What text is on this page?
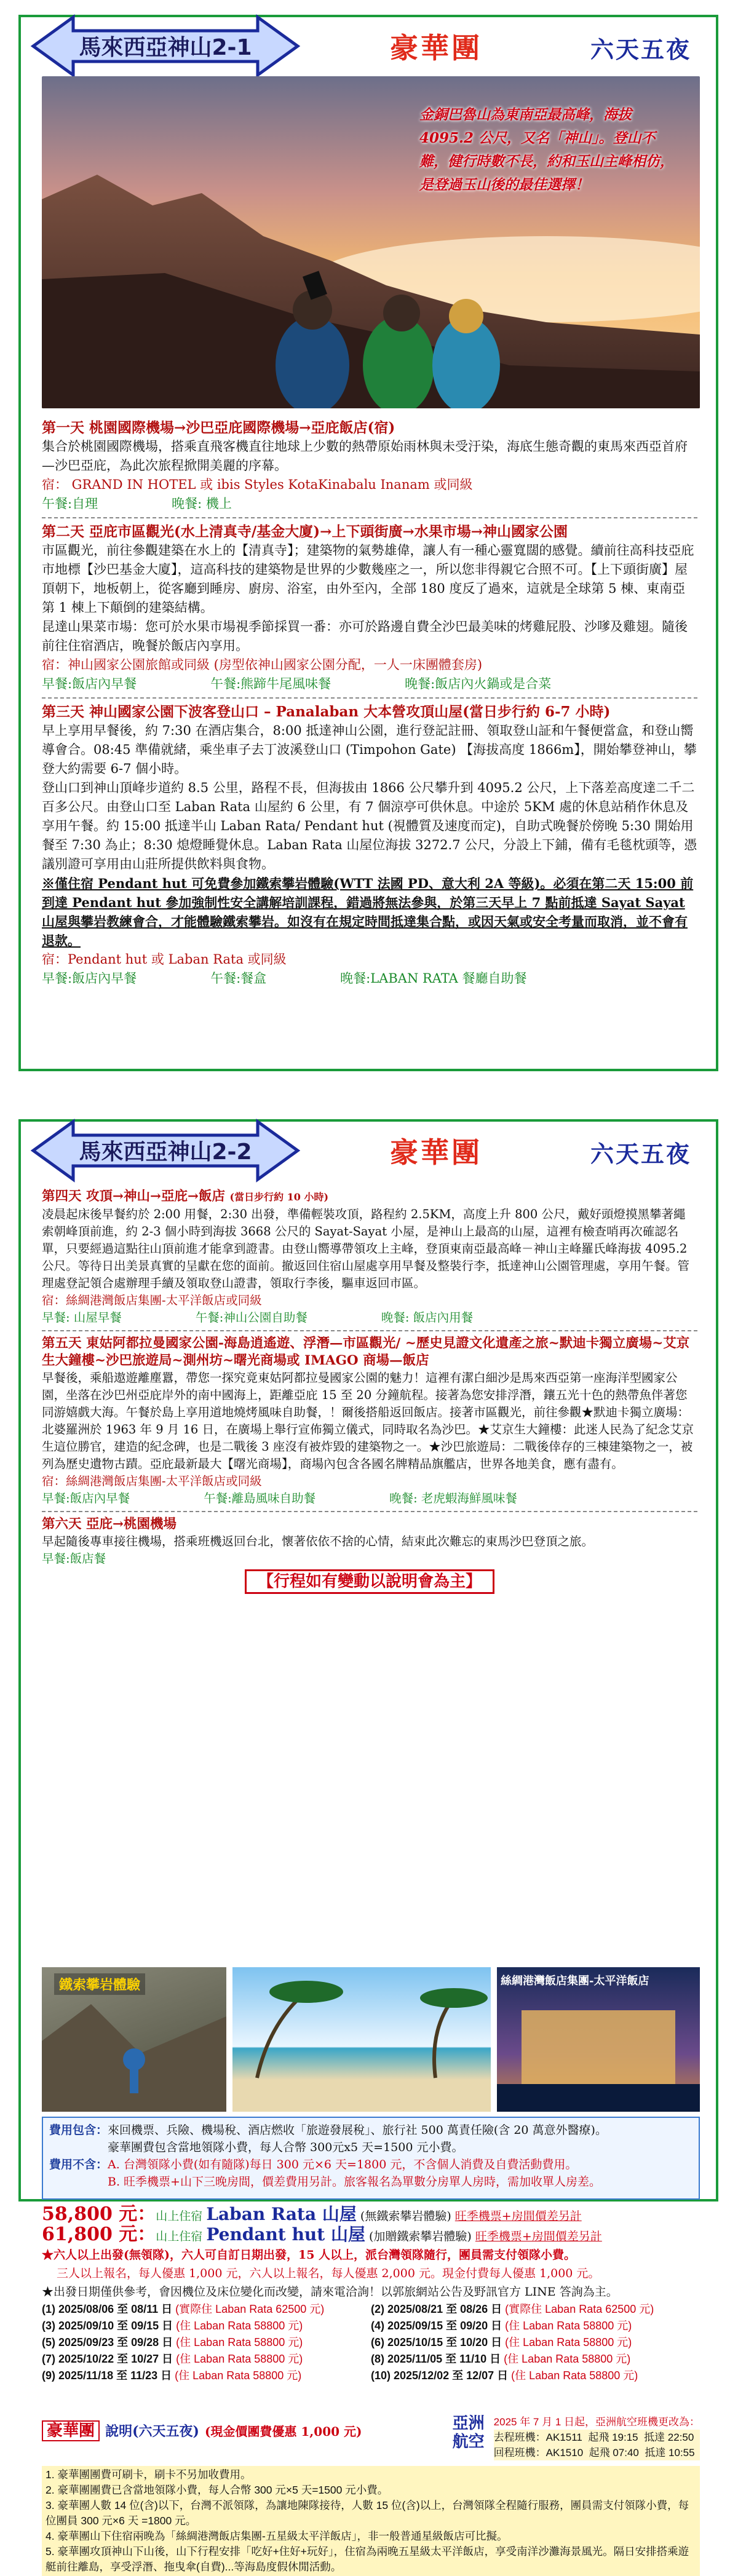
馬來西亞神山2-1	豪華團	六天五夜
金銅巴魯山為東南亞最高峰，海拔4095.2 公尺，又名「神山」。登山不難，健行時數不長，約和玉山主峰相仿，是登過玉山後的最佳選擇！

第一天 桃園國際機場→沙巴亞庇國際機場→亞庇飯店(宿)

集合於桃園國際機場，搭乘直飛客機直往地球上少數的熱帶原始雨林與未受汙染，海底生態奇觀的東馬來西亞首府—沙巴亞庇，為此次旅程掀開美麗的序幕。

宿： GRAND IN HOTEL 或 ibis Styles KotaKinabalu Inanam 或同級

午餐:自理	晚餐: 機上

第二天 亞庇市區觀光(水上清真寺/基金大廈)→上下頭街廣→水果市場→神山國家公園

市區觀光，前往參觀建築在水上的【清真寺】；建築物的氣勢雄偉，讓人有一種心靈寬闊的感覺。續前往高科技亞庇市地標【沙巴基金大廈】，這高科技的建築物是世界的少數幾座之一，所以您非得親它合照不可。【上下頭街廣】屋頂朝下，地板朝上，從客廳到睡房、廚房、浴室，由外至內，全部 180 度反了過來，這就是全球第 5 棟、東南亞第 1 棟上下顛倒的建築結構。

昆達山果菜市場：您可於水果市場視季節採買一番：亦可於路邊自費全沙巴最美味的烤雞屁股、沙嗲及雞翅。隨後前往住宿酒店，晚餐於飯店內享用。

宿：神山國家公園旅館或同級 (房型依神山國家公園分配，一人一床團體套房)

早餐:飯店內早餐	午餐:熊蹄牛尾風味餐	晚餐:飯店內火鍋或是合菜

第三天 神山國家公園下波客登山口 – Panalaban 大本營攻頂山屋(當日步行約 6-7 小時)

早上享用早餐後，約 7:30 在酒店集合，8:00 抵達神山公園，進行登記註冊、領取登山証和午餐便當盒，和登山嚮導會合。08:45 準備就緒，乘坐車子去丁波溪登山口 (Timpohon Gate) 【海拔高度 1866m】，開始攀登神山，攀登大約需要 6-7 個小時。

登山口到神山頂峰步道約 8.5 公里，路程不長，但海拔由 1866 公尺攀升到 4095.2 公尺，上下落差高度達二千二百多公尺。由登山口至 Laban Rata 山屋約 6 公里，有 7 個涼亭可供休息。中途於 5KM 處的休息站稍作休息及享用午餐。約 15:00 抵達半山 Laban Rata/ Pendant hut (視體質及速度而定)，自助式晚餐於傍晚 5:30 開始用餐至 7:30 為止；8:30 熄燈睡覺休息。Laban Rata 山屋位海拔 3272.7 公尺，分設上下鋪，備有毛毯枕頭等，憑議別證可享用由山莊所提供飲料與食物。

※僅住宿 Pendant hut 可免費參加鐵索攀岩體驗(WTT 法國 PD、意大利 2A 等級)。必須在第二天 15:00 前到達 Pendant hut 參加強制性安全講解培訓課程，錯過將無法參與，於第三天早上 7 點前抵達 Sayat Sayat 山屋與攀岩教練會合，才能體驗鐵索攀岩。如沒有在規定時間抵達集合點，或因天氣或安全考量而取消，並不會有退款。

宿：Pendant hut 或 Laban Rata 或同級

早餐:飯店內早餐	午餐:餐盒	晚餐:LABAN RATA 餐廳自助餐

馬來西亞神山2-2	豪華團	六天五夜

第四天 攻頂→神山→亞庇→飯店 (當日步行約 10 小時)

凌晨起床後早餐約於 2:00 用餐，2:30 出發，準備輕裝攻頂，路程約 2.5KM，高度上升 800 公尺，戴好頭燈摸黑攀著繩索朝峰頂前進，約 2-3 個小時到海拔 3668 公尺的 Sayat-Sayat 小屋，是神山上最高的山屋，這裡有檢查哨再次確認名單，只要經過這點往山頂前進才能拿到證書。由登山嚮導帶領攻上主峰，登頂東南亞最高峰－神山主峰羅氏峰海拔 4095.2 公尺。等待日出美景真實的呈獻在您的面前。撤返回住宿山屋處享用早餐及整裝行李，抵達神山公園管理處，享用午餐。管理處登記領合處辦理手續及領取登山證書，領取行李後，驅車返回市區。

宿：絲綢港灣飯店集團-太平洋飯店或同級

早餐: 山屋早餐	午餐:神山公園自助餐	晚餐: 飯店內用餐

第五天 東姑阿都拉曼國家公園-海島逍遙遊、浮潛—市區觀光/ ~歷史見證文化遺產之旅~默迪卡獨立廣場~艾京生大鐘樓~沙巴旅遊局~測州坊~曙光商場或 IMAGO 商場—飯店

早餐後，乘船遨遊離塵囂，帶您一探究竟東姑阿都拉曼國家公園的魅力！這裡有潔白細沙是馬來西亞第一座海洋型國家公園，坐落在沙巴州亞庇岸外的南中國海上，距離亞庇 15 至 20 分鐘航程。接著為您安排浮潛，鑲五光十色的熱帶魚伴著您同游嬉戲大海。午餐於島上享用道地燒烤風味自助餐，！爾後搭船返回飯店。接著市區觀光，前往參觀★默迪卡獨立廣場：北婆羅洲於 1963 年 9 月 16 日，在廣場上舉行宣佈獨立儀式，同時取名為沙巴。★艾京生大鐘樓：此迷人民為了紀念艾京生這位勝官，建造的紀念碑，也是二戰後 3 座沒有被炸毀的建築物之一。★沙巴旅遊局：二戰後倖存的三棟建築物之一，被列為歷史遺物古蹟。亞庇最新最大【曙光商場】，商場內包含各國名牌精品旗艦店，世界各地美食，應有盡有。

宿：絲綢港灣飯店集團-太平洋飯店或同級

早餐:飯店內早餐	午餐:離島風味自助餐	晚餐: 老虎蝦海鮮風味餐

第六天 亞庇→桃園機場

早起隨後專車接往機場，搭乘班機返回台北，懷著依依不捨的心情，結束此次難忘的東馬沙巴登頂之旅。

早餐:飯店餐

【行程如有變動以說明會為主】
鐵索攀岩體驗	絲綢港灣飯店集團-太平洋飯店
費用包含：來回機票、兵險、機場稅、酒店燃收「旅遊發展稅」、旅行社 500 萬責任險(含 20 萬意外醫療)。
豪華團費包含當地領隊小費，每人合幣 300元x5 天=1500 元小費。
費用不含：A. 台灣領隊小費(如有隨隊)每日 300 元×6 天=1800 元，不含個人消費及自費活動費用。
B. 旺季機票+山下三晚房間，價差費用另計。旅客報名為單數分房單人房時，需加收單人房差。
58,800 元：山上住宿 Laban Rata 山屋 (無鐵索攀岩體驗) 旺季機票+房間價差另計
61,800 元：山上住宿 Pendant hut 山屋 (加贈鐵索攀岩體驗) 旺季機票+房間價差另計
★六人以上出發(無領隊)，六人可自訂日期出發，15 人以上，派台灣領隊隨行，團員需支付領隊小費。
三人以上報名，每人優惠 1,000 元，六人以上報名，每人優惠 2,000 元。現金付費每人優惠 1,000 元。
★出發日期僅供參考，會因機位及床位變化而改變，請來電洽詢！以郭旅網站公告及野訊官方 LINE 答詢為主。
(1) 2025/08/06 至 08/11 日 (實際住 Laban Rata 62500 元)	(2) 2025/08/21 至 08/26 日 (實際住 Laban Rata 62500 元)
(3) 2025/09/10 至 09/15 日 (住 Laban Rata 58800 元)	(4) 2025/09/15 至 09/20 日 (住 Laban Rata 58800 元)
(5) 2025/09/23 至 09/28 日 (住 Laban Rata 58800 元)	(6) 2025/10/15 至 10/20 日 (住 Laban Rata 58800 元)
(7) 2025/10/22 至 10/27 日 (住 Laban Rata 58800 元)	(8) 2025/11/05 至 11/10 日 (住 Laban Rata 58800 元)
(9) 2025/11/18 至 11/23 日 (住 Laban Rata 58800 元)	(10) 2025/12/02 至 12/07 日 (住 Laban Rata 58800 元)
豪華團 說明(六天五夜) (現金價團費優惠 1,000 元)	亞洲航空
2025 年 7 月 1 日起，亞洲航空班機更改為：
去程班機：AK1511 起飛 19:15 抵達 22:50
回程班機：AK1510 起飛 07:40 抵達 10:55
1. 豪華團團費可刷卡，刷卡不另加收費用。
2. 豪華團團費已含當地領隊小費，每人合幣 300 元×5 天=1500 元小費。
3. 豪華團人數 14 位(含)以下，台灣不派領隊，為讓地陳隊接待，人數 15 位(含)以上，台灣領隊全程隨行服務，團員需支付領隊小費，每位團員 300 元×6 天 =1800 元。
4. 豪華團山下住宿兩晚為「絲綢港灣飯店集團-五星級太平洋飯店」，非一般普通星級飯店可比擬。
5. 豪華團攻頂神山下山後，山下行程安排「吃好+住好+玩好」，住宿為兩晚五星級太平洋飯店，享受南洋沙灘海景風光。隔日安排搭乘遊艇前往離島，享受浮潛、拖曳傘(自費)...等海島度假休閒活動。
